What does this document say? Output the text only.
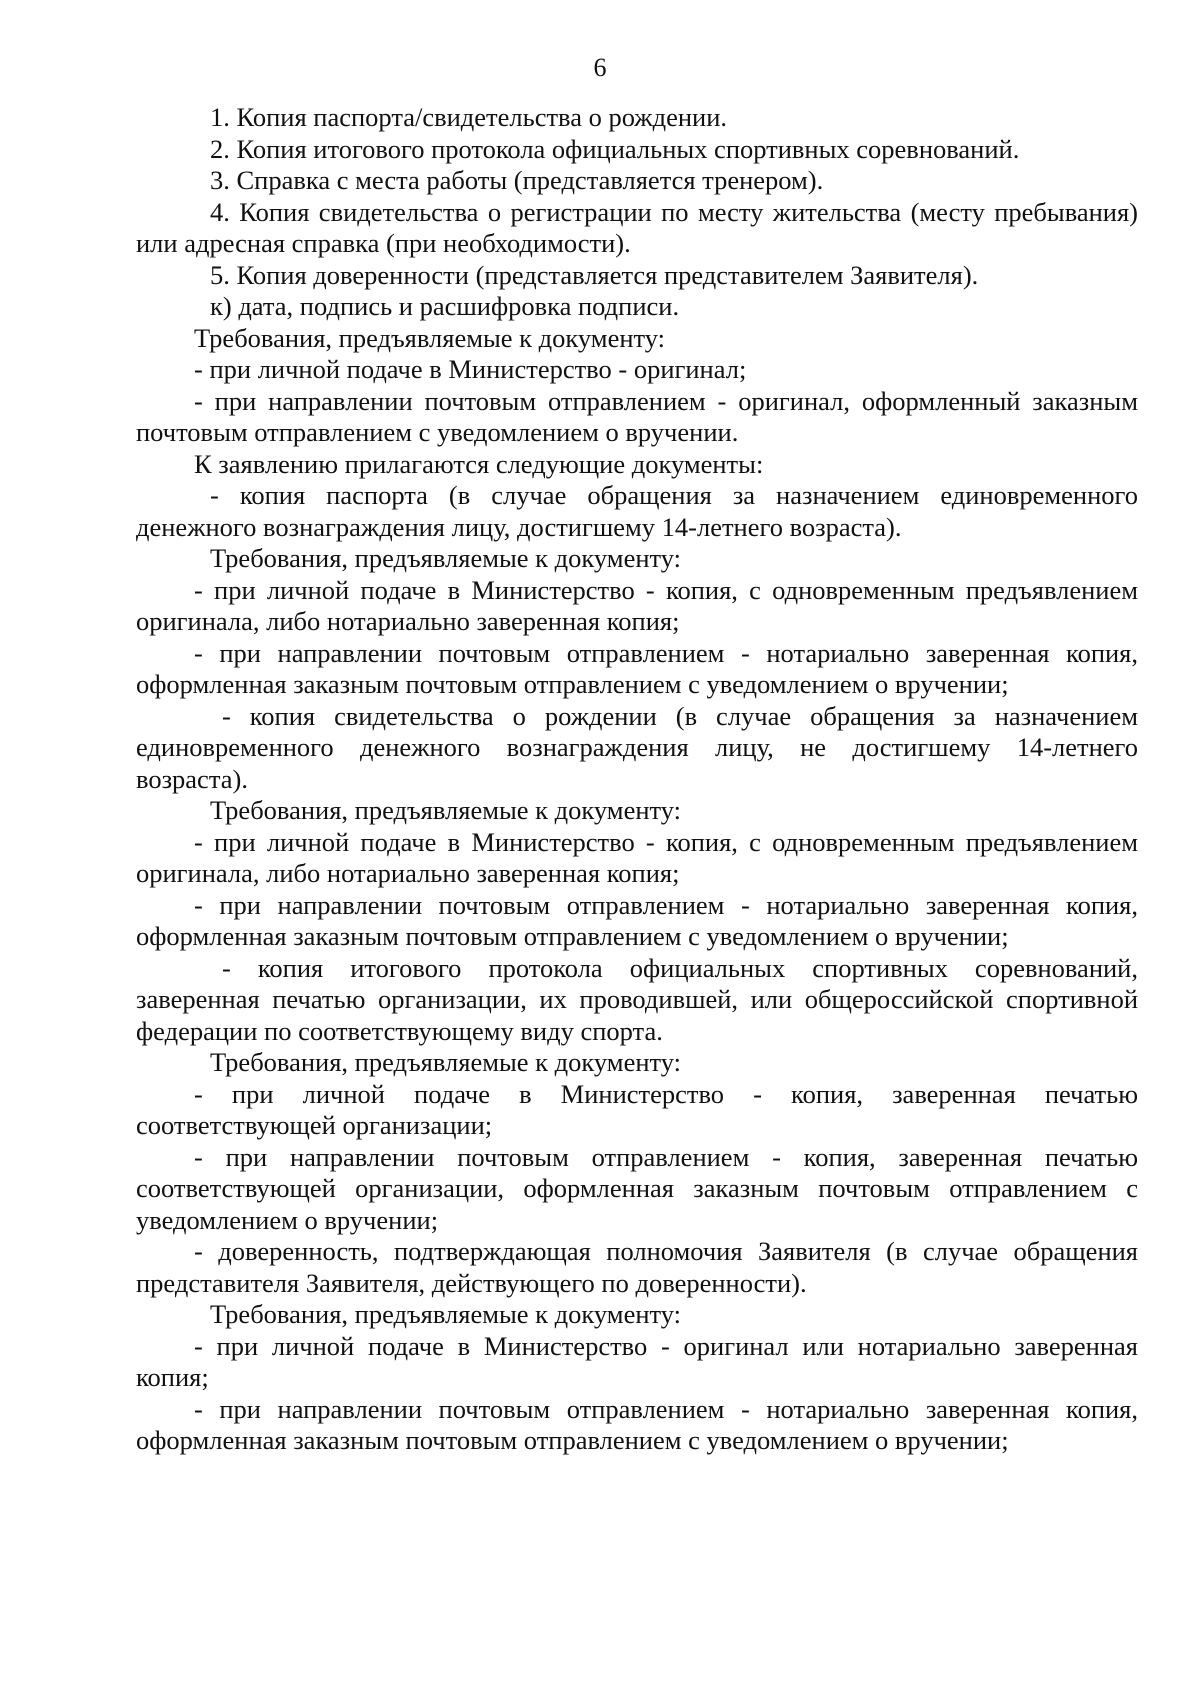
6

1. Копия паспорта/свидетельства о рождении.

2. Копия итогового протокола официальных спортивных соревнований.

3. Справка с места работы (представляется тренером).

4. Копия свидетельства о регистрации по месту жительства (месту пребывания) или адресная справка (при необходимости).

5. Копия доверенности (представляется представителем Заявителя).

к) дата, подпись и расшифровка подписи.

Требования, предъявляемые к документу:

- при личной подаче в Министерство - оригинал;

- при направлении почтовым отправлением - оригинал, оформленный заказным почтовым отправлением с уведомлением о вручении.

К заявлению прилагаются следующие документы:

- копия паспорта (в случае обращения за назначением единовременного денежного вознаграждения лицу, достигшему 14-летнего возраста).

Требования, предъявляемые к документу:

- при личной подаче в Министерство - копия, с одновременным предъявлением оригинала, либо нотариально заверенная копия;

- при направлении почтовым отправлением - нотариально заверенная копия, оформленная заказным почтовым отправлением с уведомлением о вручении;

- копия свидетельства о рождении (в случае обращения за назначением единовременного денежного вознаграждения лицу, не достигшему 14-летнего возраста).

Требования, предъявляемые к документу:

- при личной подаче в Министерство - копия, с одновременным предъявлением оригинала, либо нотариально заверенная копия;

- при направлении почтовым отправлением - нотариально заверенная копия, оформленная заказным почтовым отправлением с уведомлением о вручении;

- копия итогового протокола официальных спортивных соревнований, заверенная печатью организации, их проводившей, или общероссийской спортивной федерации по соответствующему виду спорта.

Требования, предъявляемые к документу:

- при личной подаче в Министерство - копия, заверенная печатью соответствующей организации;

- при направлении почтовым отправлением - копия, заверенная печатью соответствующей организации, оформленная заказным почтовым отправлением с уведомлением о вручении;

- доверенность, подтверждающая полномочия Заявителя (в случае обращения представителя Заявителя, действующего по доверенности).

Требования, предъявляемые к документу:

- при личной подаче в Министерство - оригинал или нотариально заверенная копия;

- при направлении почтовым отправлением - нотариально заверенная копия, оформленная заказным почтовым отправлением с уведомлением о вручении;
